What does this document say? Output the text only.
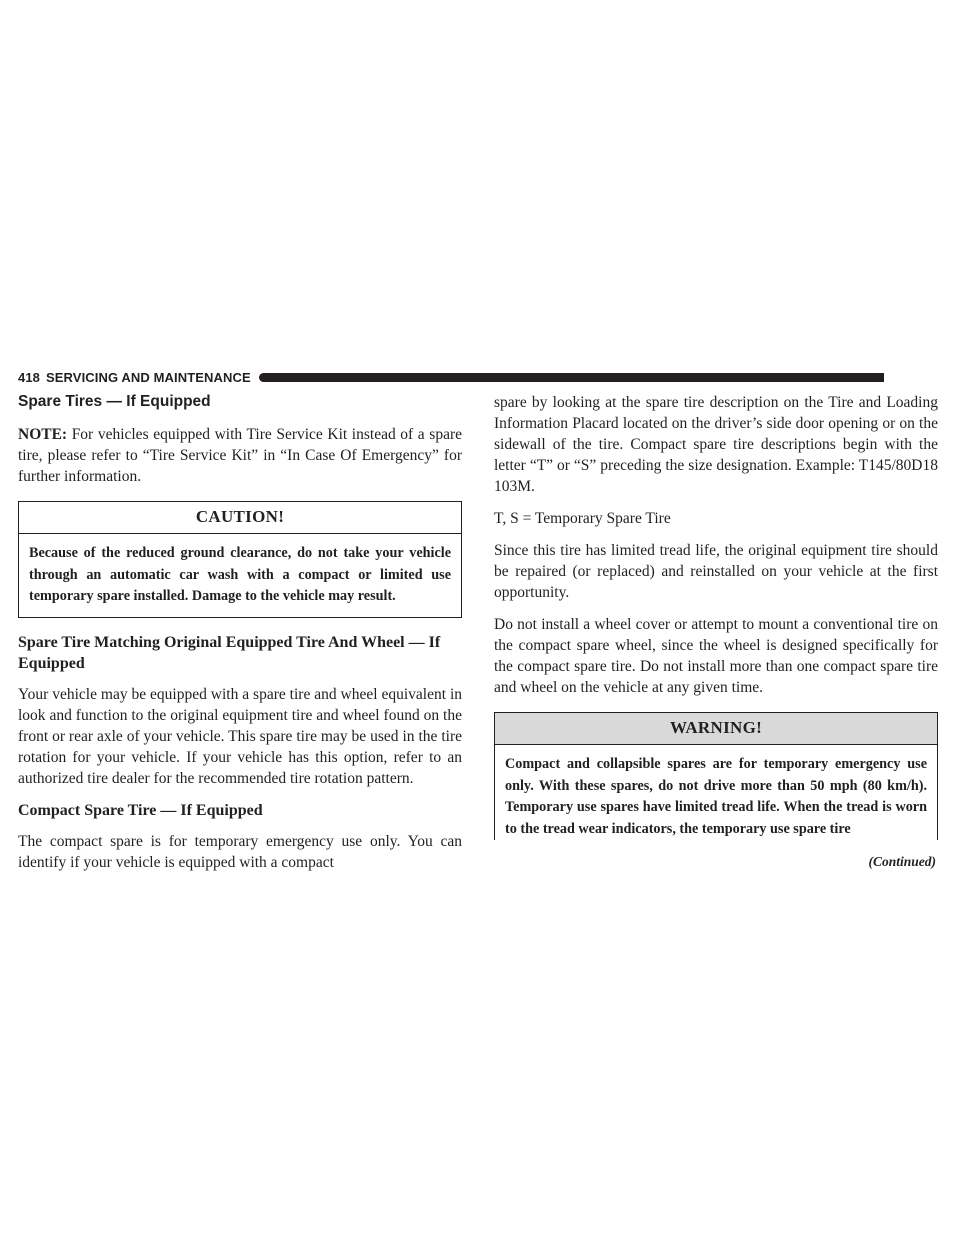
418 SERVICING AND MAINTENANCE
Spare Tires — If Equipped

NOTE: For vehicles equipped with Tire Service Kit instead of a spare tire, please refer to “Tire Service Kit” in “In Case Of Emergency” for further information.

CAUTION!
Because of the reduced ground clearance, do not take your vehicle through an automatic car wash with a compact or limited use temporary spare installed. Damage to the vehicle may result.
Spare Tire Matching Original Equipped Tire And Wheel — If Equipped

Your vehicle may be equipped with a spare tire and wheel equivalent in look and function to the original equipment tire and wheel found on the front or rear axle of your vehicle. This spare tire may be used in the tire rotation for your vehicle. If your vehicle has this option, refer to an authorized tire dealer for the recommended tire rotation pattern.

Compact Spare Tire — If Equipped

The compact spare is for temporary emergency use only. You can identify if your vehicle is equipped with a compact

spare by looking at the spare tire description on the Tire and Loading Information Placard located on the driver’s side door opening or on the sidewall of the tire. Compact spare tire descriptions begin with the letter “T” or “S” preceding the size designation. Example: T145/80D18 103M.

T, S = Temporary Spare Tire

Since this tire has limited tread life, the original equipment tire should be repaired (or replaced) and reinstalled on your vehicle at the first opportunity.

Do not install a wheel cover or attempt to mount a conventional tire on the compact spare wheel, since the wheel is designed specifically for the compact spare tire. Do not install more than one compact spare tire and wheel on the vehicle at any given time.

WARNING!
Compact and collapsible spares are for temporary emergency use only. With these spares, do not drive more than 50 mph (80 km/h). Temporary use spares have limited tread life. When the tread is worn to the tread wear indicators, the temporary use spare tire
(Continued)
